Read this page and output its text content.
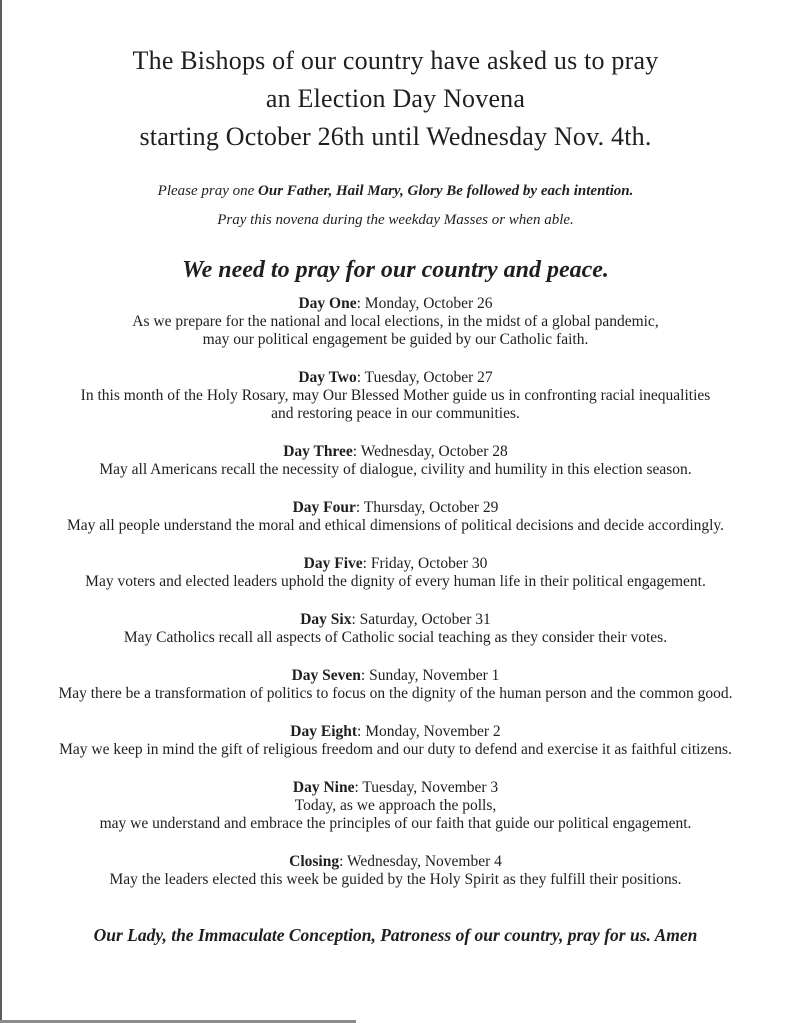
The Bishops of our country have asked us to pray
an Election Day Novena
starting October 26th until Wednesday Nov. 4th.

Please pray one Our Father, Hail Mary, Glory Be followed by each intention.

Pray this novena during the weekday Masses or when able.

We need to pray for our country and peace.
Day One: Monday, October 26
As we prepare for the national and local elections, in the midst of a global pandemic,
may our political engagement be guided by our Catholic faith.
Day Two: Tuesday, October 27
In this month of the Holy Rosary, may Our Blessed Mother guide us in confronting racial inequalities
and restoring peace in our communities.
Day Three: Wednesday, October 28
May all Americans recall the necessity of dialogue, civility and humility in this election season.
Day Four: Thursday, October 29
May all people understand the moral and ethical dimensions of political decisions and decide accordingly.
Day Five: Friday, October 30
May voters and elected leaders uphold the dignity of every human life in their political engagement.
Day Six: Saturday, October 31
May Catholics recall all aspects of Catholic social teaching as they consider their votes.
Day Seven: Sunday, November 1
May there be a transformation of politics to focus on the dignity of the human person and the common good.
Day Eight: Monday, November 2
May we keep in mind the gift of religious freedom and our duty to defend and exercise it as faithful citizens.
Day Nine: Tuesday, November 3
Today, as we approach the polls,
may we understand and embrace the principles of our faith that guide our political engagement.
Closing: Wednesday, November 4
May the leaders elected this week be guided by the Holy Spirit as they fulfill their positions.

Our Lady, the Immaculate Conception, Patroness of our country, pray for us. Amen
